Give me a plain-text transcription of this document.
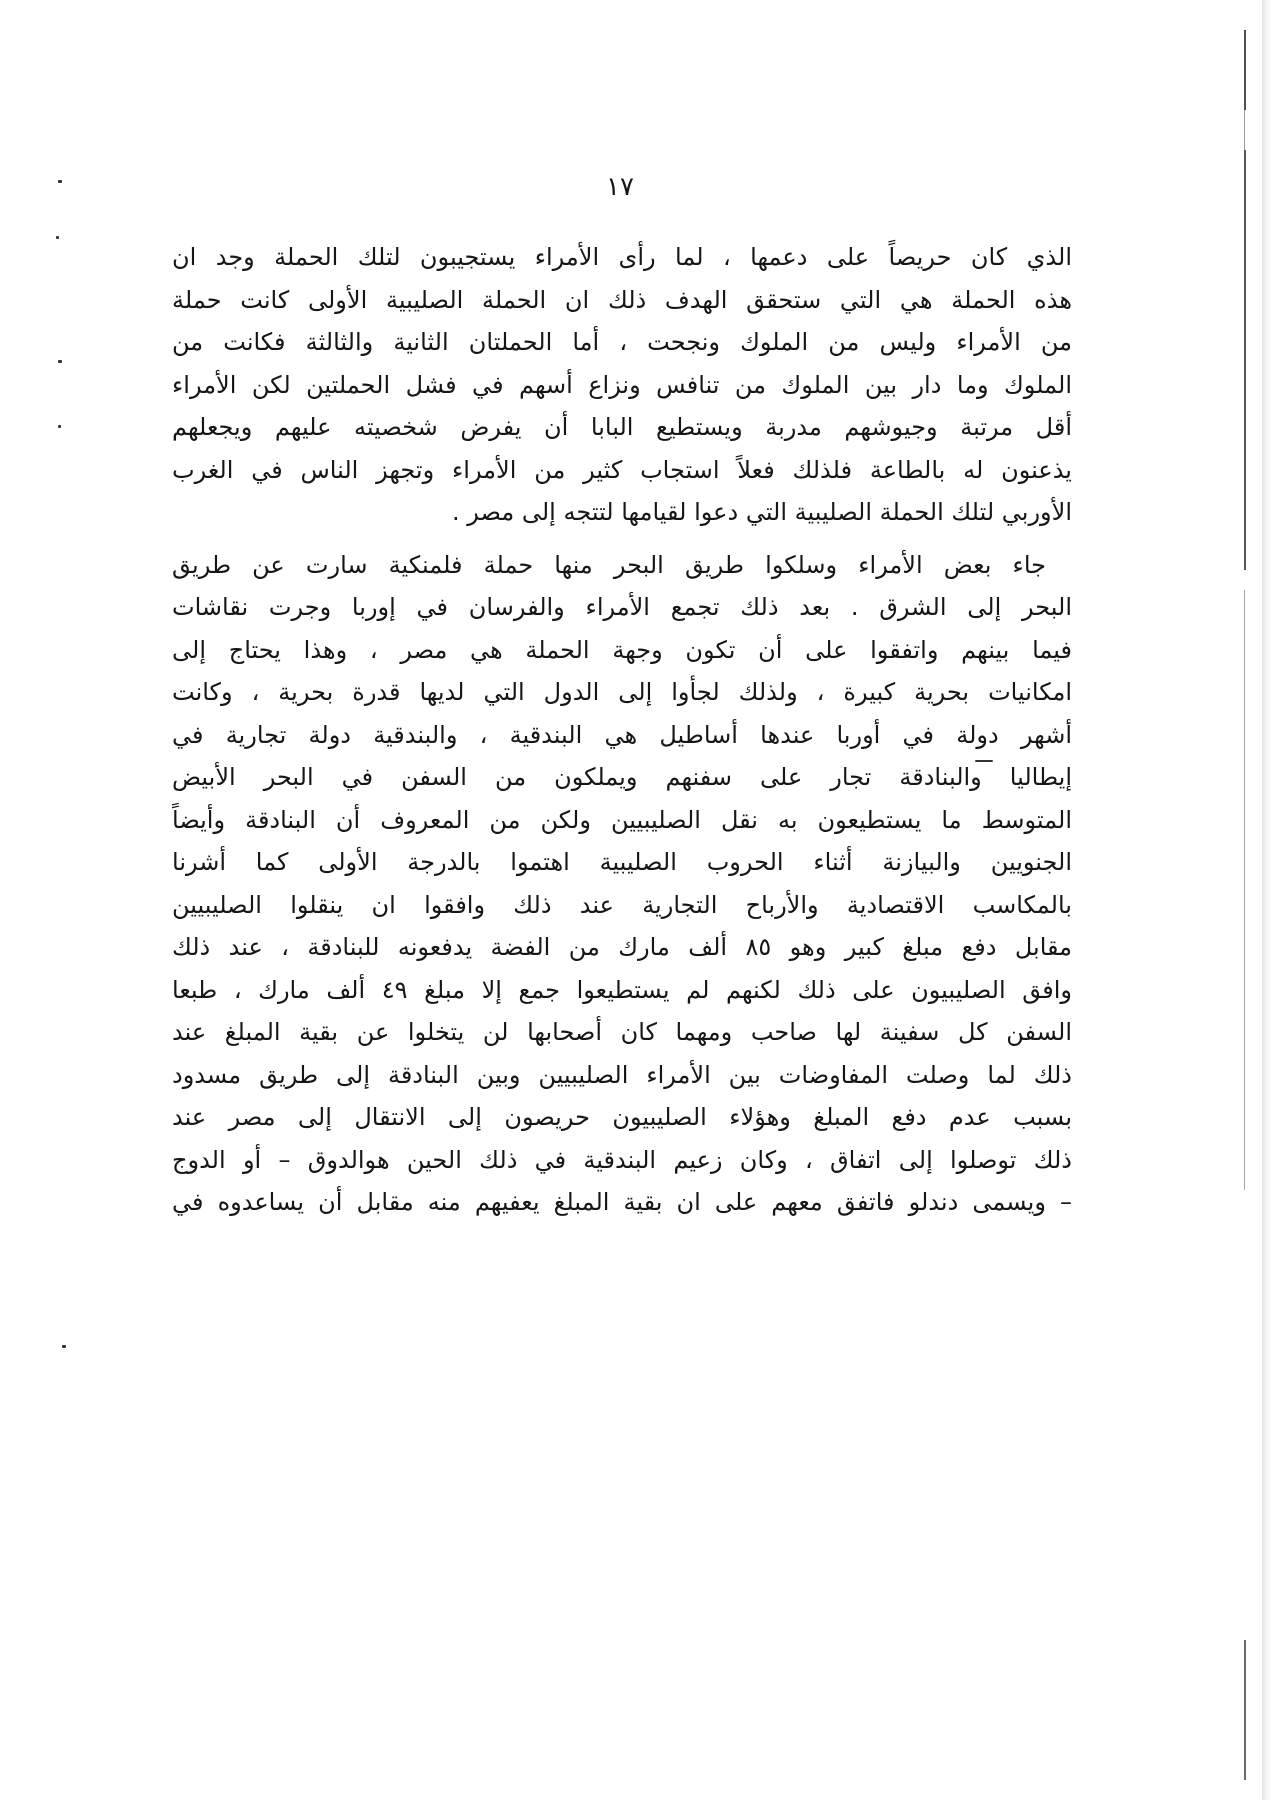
١٧

الذي كان حريصاً على دعمها ، لما رأى الأمراء يستجيبون لتلك الحملة وجد ان
هذه الحملة هي التي ستحقق الهدف ذلك ان الحملة الصليبية الأولى كانت حملة
من الأمراء وليس من الملوك ونجحت ، أما الحملتان الثانية والثالثة فكانت من
الملوك وما دار بين الملوك من تنافس ونزاع أسهم في فشل الحملتين لكن الأمراء
أقل مرتبة وجيوشهم مدربة ويستطيع البابا أن يفرض شخصيته عليهم ويجعلهم
يذعنون له بالطاعة فلذلك فعلاً استجاب كثير من الأمراء وتجهز الناس في الغرب
الأوربي لتلك الحملة الصليبية التي دعوا لقيامها لتتجه إلى مصر .

جاء بعض الأمراء وسلكوا طريق البحر منها حملة فلمنكية سارت عن طريق
البحر إلى الشرق . بعد ذلك تجمع الأمراء والفرسان في إوربا وجرت نقاشات
فيما بينهم واتفقوا على أن تكون وجهة الحملة هي مصر ، وهذا يحتاج إلى
امكانيات بحرية كبيرة ، ولذلك لجأوا إلى الدول التي لديها قدرة بحرية ، وكانت
أشهر دولة في أوربا عندها أساطيل هي البندقية ، والبندقية دولة تجارية في
إيطاليا والبنادقة تجار على سفنهم ويملكون من السفن في البحر الأبيض
المتوسط ما يستطيعون به نقل الصليبيين ولكن من المعروف أن البنادقة وأيضاً
الجنويين والبيازنة أثناء الحروب الصليبية اهتموا بالدرجة الأولى كما أشرنا
بالمكاسب الاقتصادية والأرباح التجارية عند ذلك وافقوا ان ينقلوا الصليبيين
مقابل دفع مبلغ كبير وهو ٨٥ ألف مارك من الفضة يدفعونه للبنادقة ، عند ذلك
وافق الصليبيون على ذلك لكنهم لم يستطيعوا جمع إلا مبلغ ٤٩ ألف مارك ، طبعا
السفن كل سفينة لها صاحب ومهما كان أصحابها لن يتخلوا عن بقية المبلغ عند
ذلك لما وصلت المفاوضات بين الأمراء الصليبيين وبين البنادقة إلى طريق مسدود
بسبب عدم دفع المبلغ وهؤلاء الصليبيون حريصون إلى الانتقال إلى مصر عند
ذلك توصلوا إلى اتفاق ، وكان زعيم البندقية في ذلك الحين هوالدوق – أو الدوج
– ويسمى دندلو فاتفق معهم على ان بقية المبلغ يعفيهم منه مقابل أن يساعدوه في
